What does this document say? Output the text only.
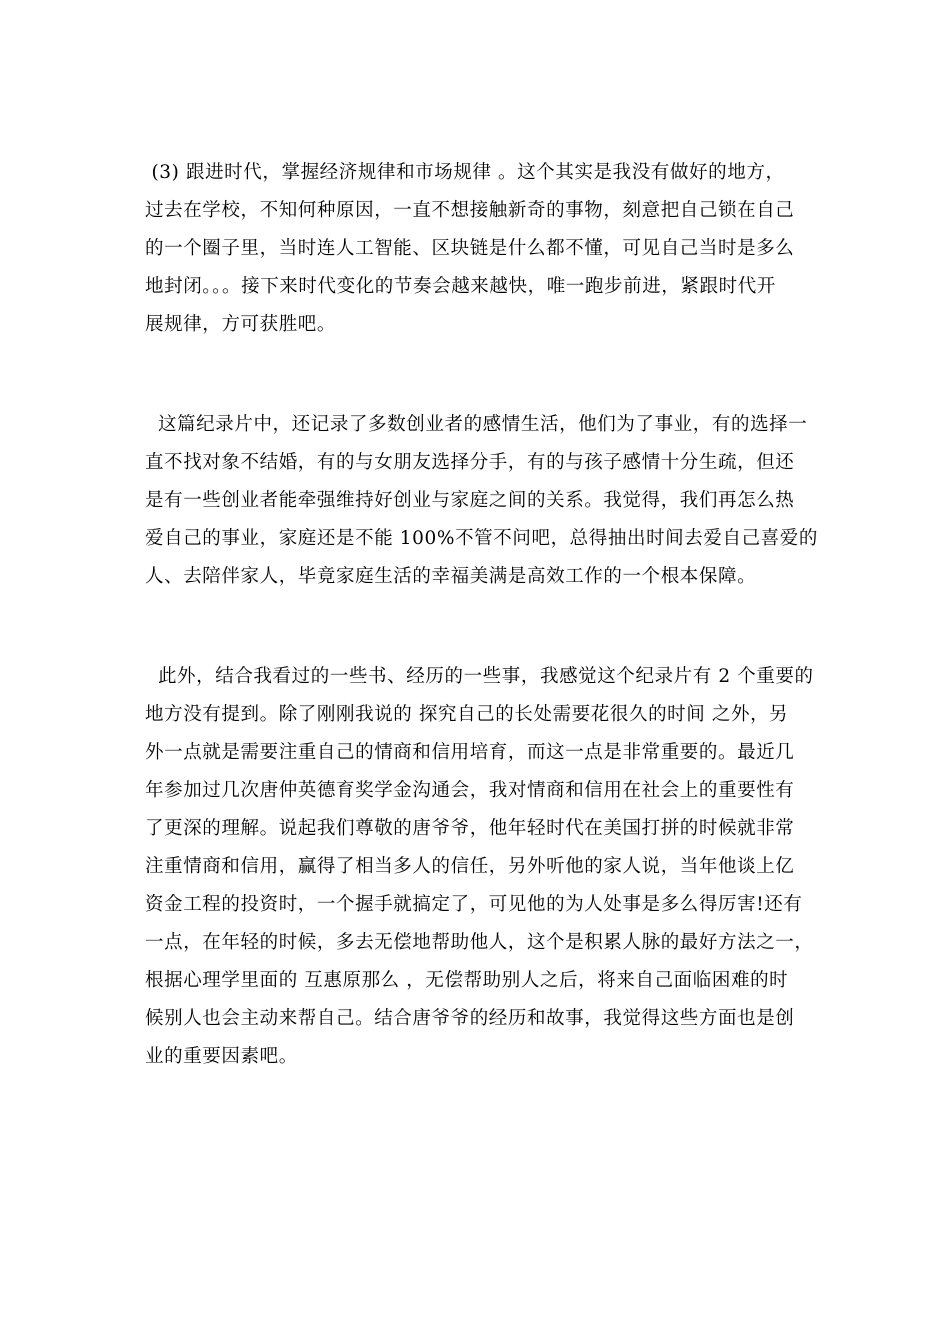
(3) 跟进时代，掌握经济规律和市场规律 。这个其实是我没有做好的地方，
过去在学校，不知何种原因，一直不想接触新奇的事物，刻意把自己锁在自己
的一个圈子里，当时连人工智能、区块链是什么都不懂，可见自己当时是多么
地封闭。。。接下来时代变化的节奏会越来越快，唯一跑步前进，紧跟时代开
展规律，方可获胜吧。
这篇纪录片中，还记录了多数创业者的感情生活，他们为了事业，有的选择一
直不找对象不结婚，有的与女朋友选择分手，有的与孩子感情十分生疏，但还
是有一些创业者能牵强维持好创业与家庭之间的关系。我觉得，我们再怎么热
爱自己的事业，家庭还是不能 100%不管不问吧，总得抽出时间去爱自己喜爱的
人、去陪伴家人，毕竟家庭生活的幸福美满是高效工作的一个根本保障。
此外，结合我看过的一些书、经历的一些事，我感觉这个纪录片有 2 个重要的
地方没有提到。除了刚刚我说的 探究自己的长处需要花很久的时间 之外，另
外一点就是需要注重自己的情商和信用培育，而这一点是非常重要的。最近几
年参加过几次唐仲英德育奖学金沟通会，我对情商和信用在社会上的重要性有
了更深的理解。说起我们尊敬的唐爷爷，他年轻时代在美国打拼的时候就非常
注重情商和信用，赢得了相当多人的信任，另外听他的家人说，当年他谈上亿
资金工程的投资时，一个握手就搞定了，可见他的为人处事是多么得厉害!还有
一点，在年轻的时候，多去无偿地帮助他人，这个是积累人脉的最好方法之一，
根据心理学里面的 互惠原那么 ，无偿帮助别人之后，将来自己面临困难的时
候别人也会主动来帮自己。结合唐爷爷的经历和故事，我觉得这些方面也是创
业的重要因素吧。
